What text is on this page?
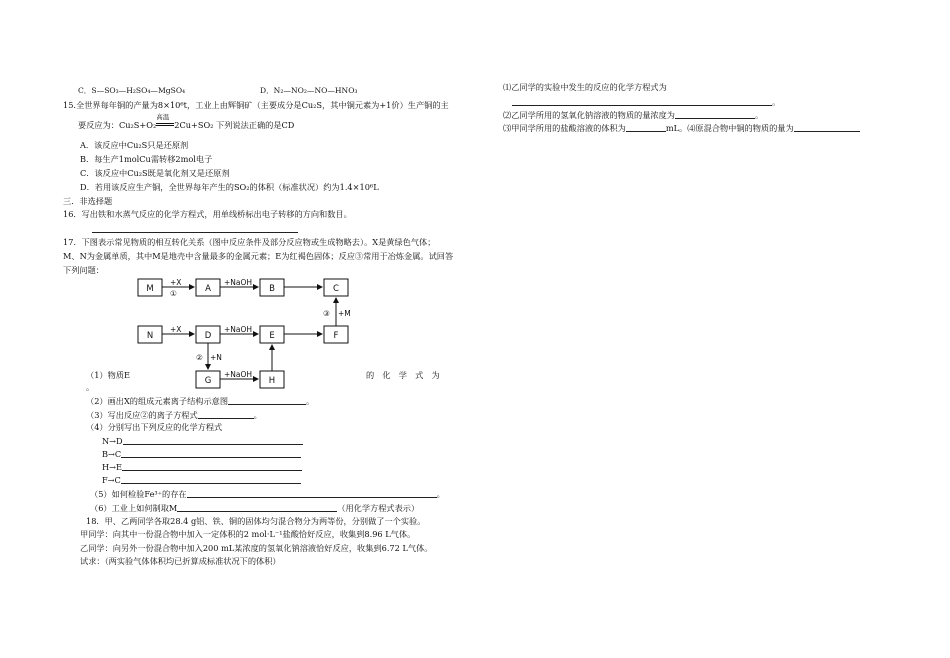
C．S—SO₃—H₂SO₄—MgSO₄	D．N₂—NO₂—NO—HNO₃
15.全世界每年铜的产量为8×10⁶t，工业上由辉铜矿（主要成分是Cu₂S，其中铜元素为+1价）生产铜的主
要反应为：Cu₂S+O₂
高温
2Cu+SO₂ 下列说法正确的是CD
A．该反应中Cu₂S只是还原剂
B．每生产1molCu需转移2mol电子
C．该反应中Cu₂S既是氧化剂又是还原剂
D．若用该反应生产铜，全世界每年产生的SO₂的体积（标准状况）约为1.4×10⁶L
三．非选择题
16．写出铁和水蒸气反应的化学方程式，用单线桥标出电子转移的方向和数目。
17．下图表示常见物质的相互转化关系（图中反应条件及部分反应物或生成物略去）。X是黄绿色气体；
M、N为金属单质，其中M是地壳中含量最多的金属元素；E为红褐色固体；反应③常用于冶炼金属。试回答
下列问题：
M	A	B	C
N	D	E	F
G	H
+X
①
+NaOH
+X	+NaOH
+NaOH
② +N
③ +M
（1）物质E	的　化　学　式　为
。
（2）画出X的组成元素离子结构示意图	。
（3）写出反应②的离子方程式	。
（4）分别写出下列反应的化学方程式
N→D
B→C
H→E
F→C
（5）如何检验Fe³⁺的存在	。
（6）工业上如何制取M	（用化学方程式表示）
18．甲、乙两同学各取28.4 g铝、铁、铜的固体均匀混合物分为两等份，分别做了一个实验。
甲同学：向其中一份混合物中加入一定体积的2 mol·L⁻¹盐酸恰好反应，收集到8.96 L气体。
乙同学：向另外一份混合物中加入200 mL某浓度的氢氧化钠溶液恰好反应，收集到6.72 L气体。
试求：（两实验气体体积均已折算成标准状况下的体积）
⑴乙同学的实验中发生的反应的化学方程式为
。
⑵乙同学所用的氢氧化钠溶液的物质的量浓度为	。
⑶甲同学所用的盐酸溶液的体积为	mL。⑷原混合物中铜的物质的量为
